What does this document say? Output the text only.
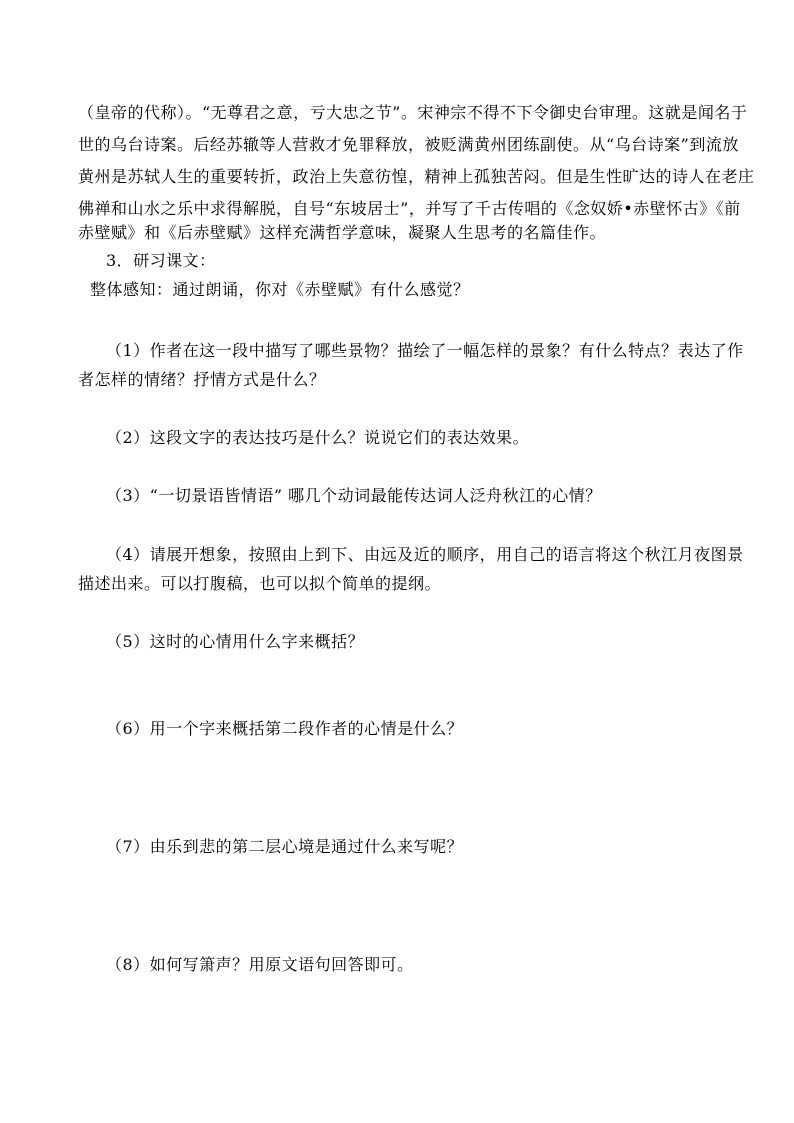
（皇帝的代称）。“无尊君之意，亏大忠之节”。宋神宗不得不下令御史台审理。这就是闻名于
世的乌台诗案。后经苏辙等人营救才免罪释放，被贬满黄州团练副使。从“乌台诗案”到流放
黄州是苏轼人生的重要转折，政治上失意彷惶，精神上孤独苦闷。但是生性旷达的诗人在老庄
佛禅和山水之乐中求得解脱，自号“东坡居士”，并写了千古传唱的《念奴娇•赤壁怀古》《前
赤壁赋》和《后赤壁赋》这样充满哲学意味，凝聚人生思考的名篇佳作。
3．研习课文：
整体感知：通过朗诵，你对《赤壁赋》有什么感觉？
（1）作者在这一段中描写了哪些景物？描绘了一幅怎样的景象？有什么特点？表达了作
者怎样的情绪？抒情方式是什么？
（2）这段文字的表达技巧是什么？说说它们的表达效果。
（3）“一切景语皆情语” 哪几个动词最能传达词人泛舟秋江的心情？
（4）请展开想象，按照由上到下、由远及近的顺序，用自己的语言将这个秋江月夜图景
描述出来。可以打腹稿，也可以拟个简单的提纲。
（5）这时的心情用什么字来概括？
（6）用一个字来概括第二段作者的心情是什么？
（7）由乐到悲的第二层心境是通过什么来写呢？
（8）如何写箫声？用原文语句回答即可。
